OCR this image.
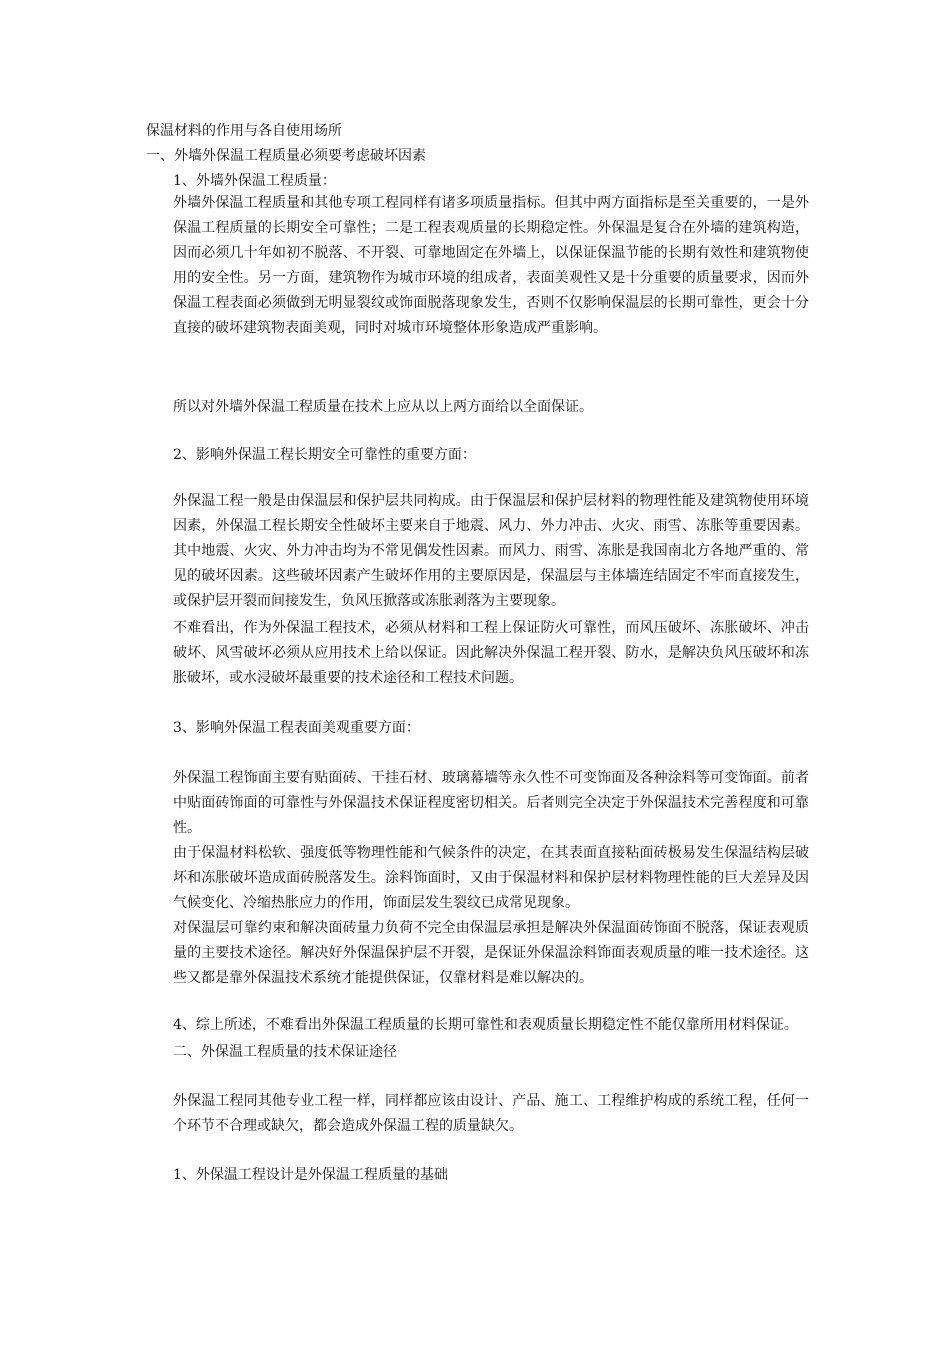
保温材料的作用与各自使用场所
一、外墙外保温工程质量必须要考虑破坏因素
1、外墙外保温工程质量：

外墙外保温工程质量和其他专项工程同样有诸多项质量指标。但其中两方面指标是至关重要的，一是外保温工程质量的长期安全可靠性；二是工程表观质量的长期稳定性。外保温是复合在外墙的建筑构造，因而必须几十年如初不脱落、不开裂、可靠地固定在外墙上，以保证保温节能的长期有效性和建筑物使用的安全性。另一方面，建筑物作为城市环境的组成者，表面美观性又是十分重要的质量要求，因而外保温工程表面必须做到无明显裂纹或饰面脱落现象发生，否则不仅影响保温层的长期可靠性，更会十分直接的破坏建筑物表面美观，同时对城市环境整体形象造成严重影响。

所以对外墙外保温工程质量在技术上应从以上两方面给以全面保证。
2、影响外保温工程长期安全可靠性的重要方面：

外保温工程一般是由保温层和保护层共同构成。由于保温层和保护层材料的物理性能及建筑物使用环境因素，外保温工程长期安全性破坏主要来自于地震、风力、外力冲击、火灾、雨雪、冻胀等重要因素。其中地震、火灾、外力冲击均为不常见偶发性因素。而风力、雨雪、冻胀是我国南北方各地严重的、常见的破坏因素。这些破坏因素产生破坏作用的主要原因是，保温层与主体墙连结固定不牢而直接发生，或保护层开裂而间接发生，负风压掀落或冻胀剥落为主要现象。

不难看出，作为外保温工程技术，必须从材料和工程上保证防火可靠性，而风压破坏、冻胀破坏、冲击破坏、风雪破坏必须从应用技术上给以保证。因此解决外保温工程开裂、防水，是解决负风压破坏和冻胀破坏，或水浸破坏最重要的技术途径和工程技术问题。

3、影响外保温工程表面美观重要方面：

外保温工程饰面主要有贴面砖、干挂石材、玻璃幕墙等永久性不可变饰面及各种涂料等可变饰面。前者中贴面砖饰面的可靠性与外保温技术保证程度密切相关。后者则完全决定于外保温技术完善程度和可靠性。

由于保温材料松软、强度低等物理性能和气候条件的决定，在其表面直接粘面砖极易发生保温结构层破坏和冻胀破坏造成面砖脱落发生。涂料饰面时，又由于保温材料和保护层材料物理性能的巨大差异及因气候变化、冷缩热胀应力的作用，饰面层发生裂纹已成常见现象。

对保温层可靠约束和解决面砖量力负荷不完全由保温层承担是解决外保温面砖饰面不脱落，保证表观质量的主要技术途径。解决好外保温保护层不开裂，是保证外保温涂料饰面表观质量的唯一技术途径。这些又都是靠外保温技术系统才能提供保证，仅靠材料是难以解决的。

4、综上所述，不难看出外保温工程质量的长期可靠性和表观质量长期稳定性不能仅靠所用材料保证。

二、外保温工程质量的技术保证途径

外保温工程同其他专业工程一样，同样都应该由设计、产品、施工、工程维护构成的系统工程，任何一个环节不合理或缺欠，都会造成外保温工程的质量缺欠。

1、外保温工程设计是外保温工程质量的基础
